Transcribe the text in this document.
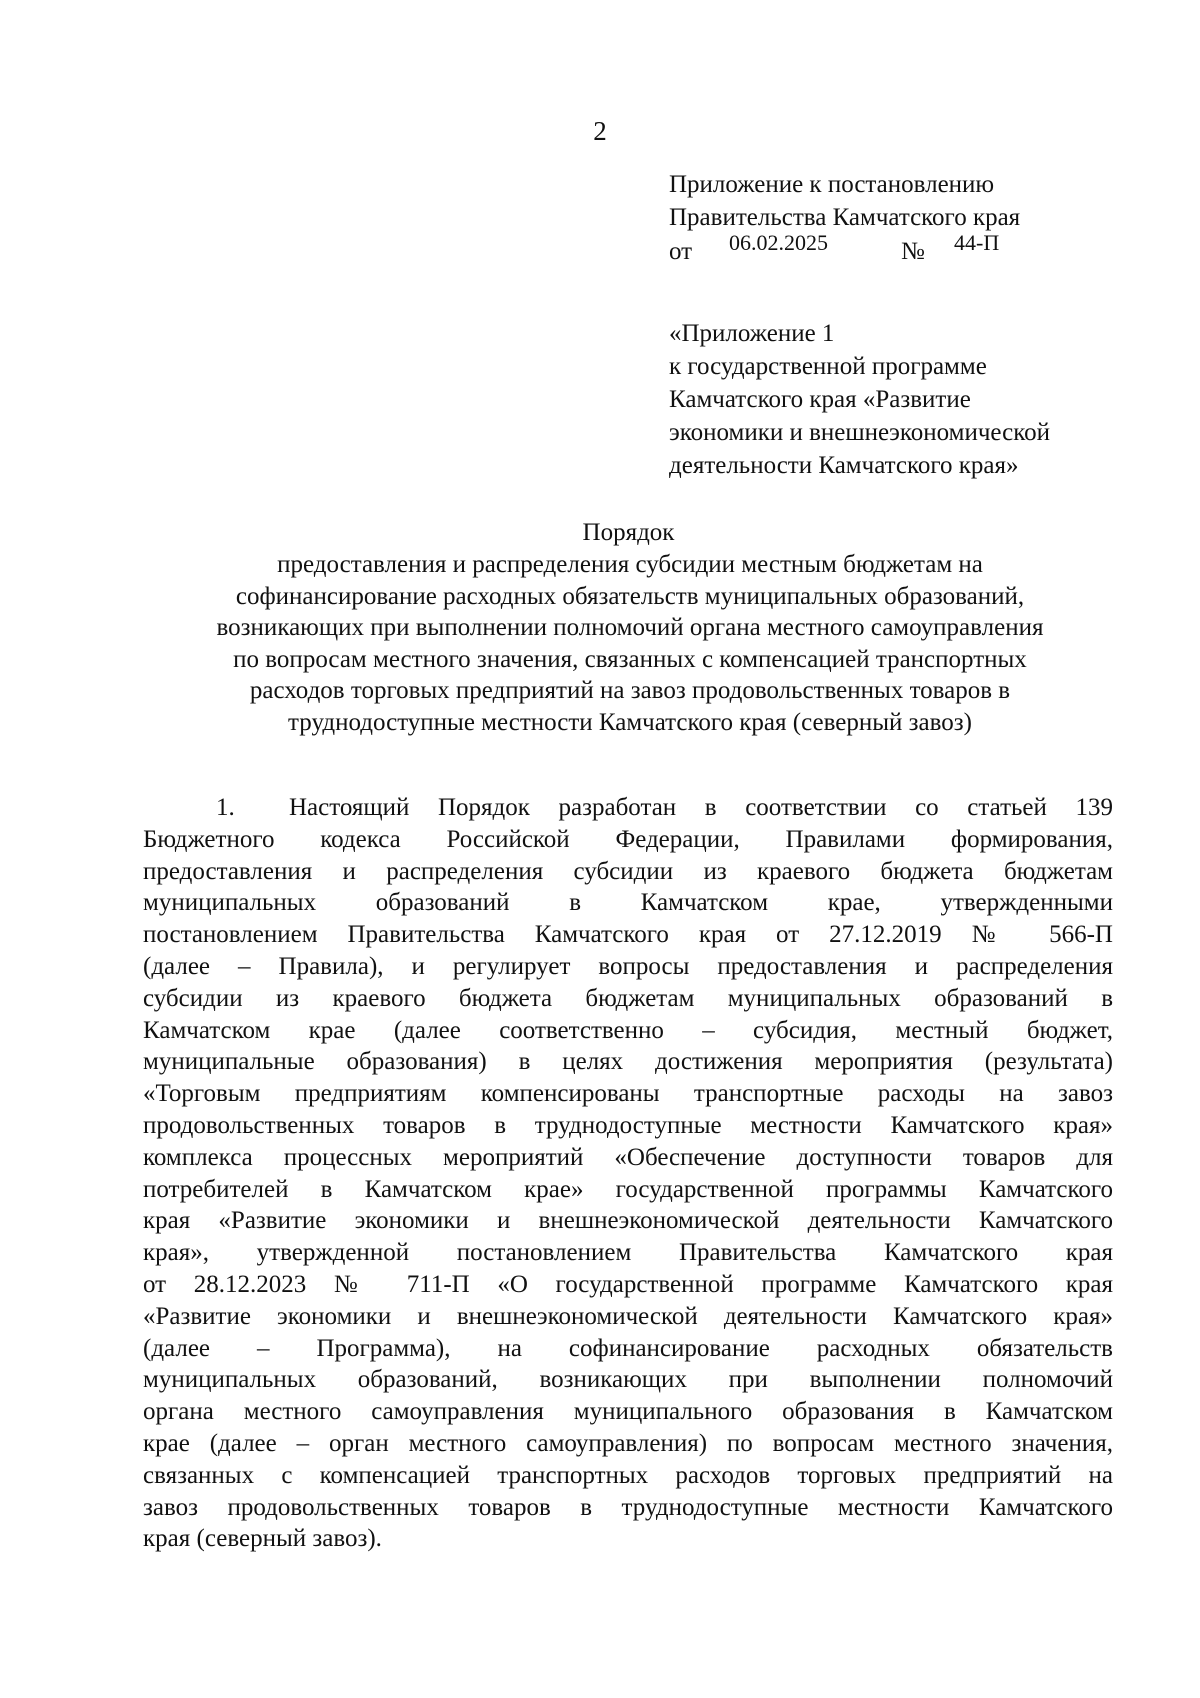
2
Приложение к постановлению
Правительства Камчатского края
от 06.02.2025	№ 44-П
«Приложение 1
к государственной программе
Камчатского края «Развитие
экономики и внешнеэкономической
деятельности Камчатского края»
Порядок
предоставления и распределения субсидии местным бюджетам на
софинансирование расходных обязательств муниципальных образований,
возникающих при выполнении полномочий органа местного самоуправления
по вопросам местного значения, связанных с компенсацией транспортных
расходов торговых предприятий на завоз продовольственных товаров в
труднодоступные местности Камчатского края (северный завоз)
1. Настоящий Порядок разработан в соответствии со статьей 139
Бюджетного кодекса Российской Федерации, Правилами формирования,
предоставления и распределения субсидии из краевого бюджета бюджетам
муниципальных образований в Камчатском крае, утвержденными
постановлением Правительства Камчатского края от 27.12.2019 № 566-П
(далее – Правила), и регулирует вопросы предоставления и распределения
субсидии из краевого бюджета бюджетам муниципальных образований в
Камчатском крае (далее соответственно – субсидия, местный бюджет,
муниципальные образования) в целях достижения мероприятия (результата)
«Торговым предприятиям компенсированы транспортные расходы на завоз
продовольственных товаров в труднодоступные местности Камчатского края»
комплекса процессных мероприятий «Обеспечение доступности товаров для
потребителей в Камчатском крае» государственной программы Камчатского
края «Развитие экономики и внешнеэкономической деятельности Камчатского
края», утвержденной постановлением Правительства Камчатского края
от 28.12.2023 № 711-П «О государственной программе Камчатского края
«Развитие экономики и внешнеэкономической деятельности Камчатского края»
(далее – Программа), на софинансирование расходных обязательств
муниципальных образований, возникающих при выполнении полномочий
органа местного самоуправления муниципального образования в Камчатском
крае (далее – орган местного самоуправления) по вопросам местного значения,
связанных с компенсацией транспортных расходов торговых предприятий на
завоз продовольственных товаров в труднодоступные местности Камчатского
края (северный завоз).
